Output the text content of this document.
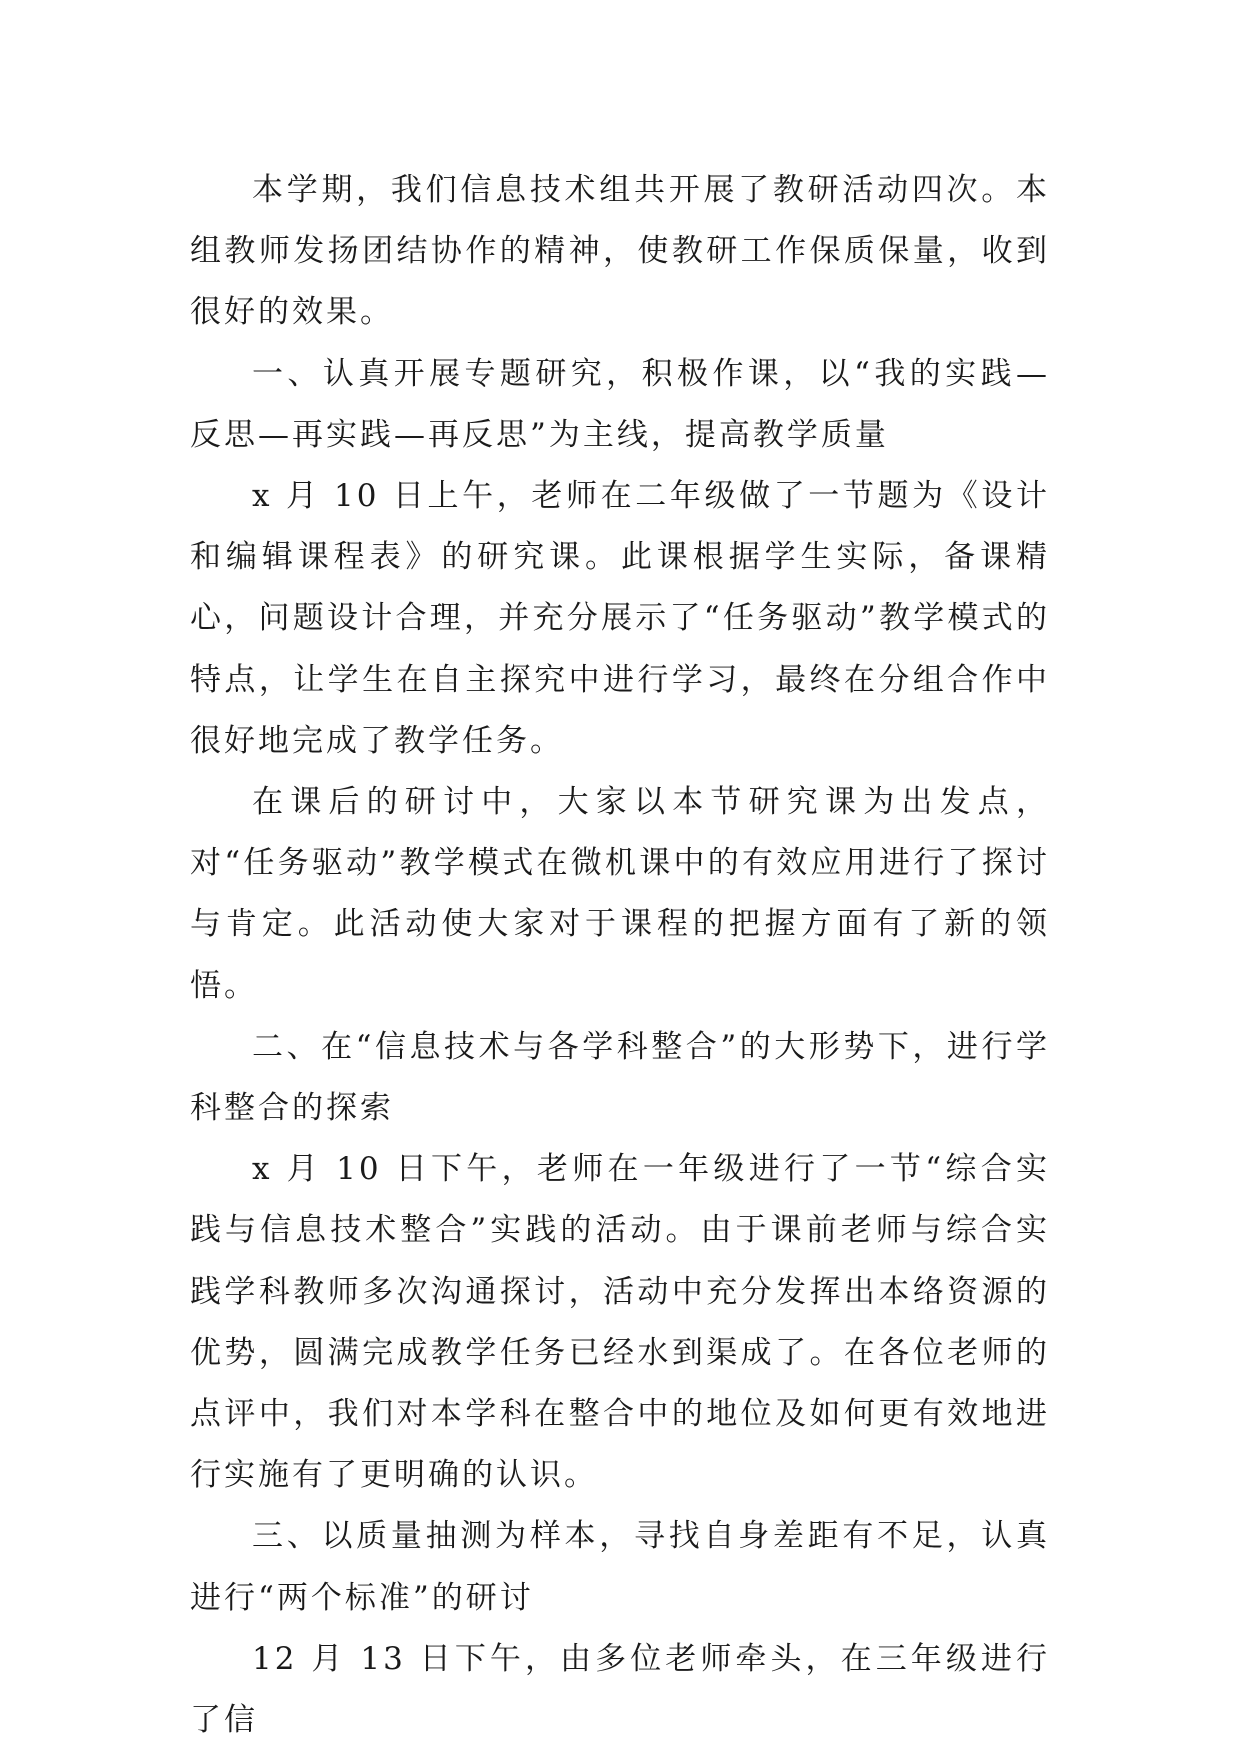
本学期，我们信息技术组共开展了教研活动四次。本组教师发扬团结协作的精神，使教研工作保质保量，收到很好的效果。

一、认真开展专题研究，积极作课，以“我的实践—反思—再实践—再反思”为主线，提高教学质量

x 月 10 日上午，老师在二年级做了一节题为《设计和编辑课程表》的研究课。此课根据学生实际，备课精心，问题设计合理，并充分展示了“任务驱动”教学模式的特点，让学生在自主探究中进行学习，最终在分组合作中很好地完成了教学任务。

在课后的研讨中，大家以本节研究课为出发点，对“任务驱动”教学模式在微机课中的有效应用进行了探讨与肯定。此活动使大家对于课程的把握方面有了新的领悟。

二、在“信息技术与各学科整合”的大形势下，进行学科整合的探索

x 月 10 日下午，老师在一年级进行了一节“综合实践与信息技术整合”实践的活动。由于课前老师与综合实践学科教师多次沟通探讨，活动中充分发挥出本络资源的优势，圆满完成教学任务已经水到渠成了。在各位老师的点评中，我们对本学科在整合中的地位及如何更有效地进行实施有了更明确的认识。

三、以质量抽测为样本，寻找自身差距有不足，认真进行“两个标准”的研讨

12 月 13 日下午，由多位老师牵头，在三年级进行了信
